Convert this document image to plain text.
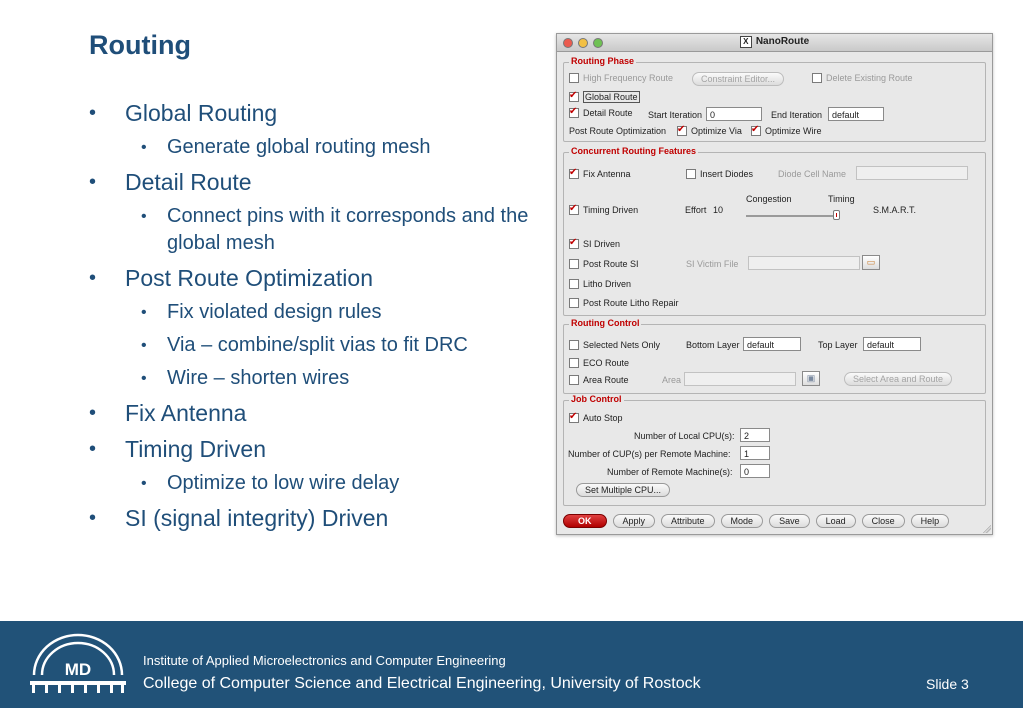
Routing
• Global Routing
• Generate global routing mesh
• Detail Route
• Connect pins with it corresponds and the global mesh
• Post Route Optimization
• Fix violated design rules
• Via – combine/split vias to fit DRC
• Wire – shorten wires
• Fix Antenna
• Timing Driven
• Optimize to low wire delay
• SI (signal integrity) Driven
X NanoRoute
Routing Phase
High Frequency Route	Constraint Editor...	Delete Existing Route
✔
Global Route
✔
Detail Route Start Iteration 0	End Iteration	default
Post Route Optimization ✔	Optimize Via ✔	Optimize Wire
Concurrent Routing Features
✔
Fix Antenna	Insert Diodes	Diode Cell Name
Congestion	Timing
✔
Timing Driven	Effort 10	S.M.A.R.T.
✔
SI Driven
Post Route SI	SI Victim File	▭
Litho Driven
Post Route Litho Repair
Routing Control
Selected Nets Only	Bottom Layer default	Top Layer	default
ECO Route
Area Route	Area	▣	Select Area and Route
Job Control
✔
Auto Stop
Number of Local CPU(s):	2
Number of CUP(s) per Remote Machine:	1
Number of Remote Machine(s):	0
Set Multiple CPU...
OK	Apply	Attribute	Mode	Save	Load	Close	Help
MD	Institute of Applied Microelectronics and Computer Engineering
College of Computer Science and Electrical Engineering, University of Rostock	Slide 3
